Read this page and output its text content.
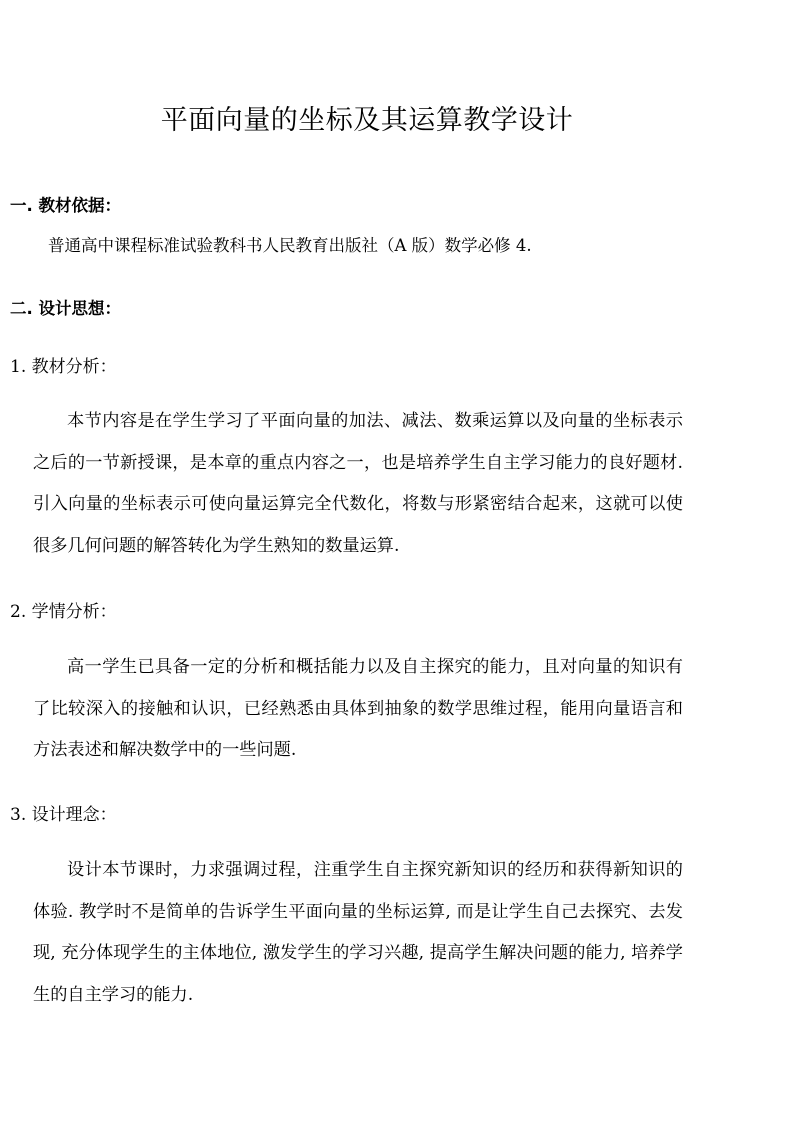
平面向量的坐标及其运算教学设计
一. 教材依据：
普通高中课程标准试验教科书人民教育出版社（A 版）数学必修 4.
二. 设计思想：
1. 教材分析：

本节内容是在学生学习了平面向量的加法、减法、数乘运算以及向量的坐标表示之后的一节新授课，是本章的重点内容之一，也是培养学生自主学习能力的良好题材. 引入向量的坐标表示可使向量运算完全代数化，将数与形紧密结合起来，这就可以使很多几何问题的解答转化为学生熟知的数量运算.

2. 学情分析：

高一学生已具备一定的分析和概括能力以及自主探究的能力，且对向量的知识有了比较深入的接触和认识，已经熟悉由具体到抽象的数学思维过程，能用向量语言和方法表述和解决数学中的一些问题.

3. 设计理念：

设计本节课时，力求强调过程，注重学生自主探究新知识的经历和获得新知识的体验. 教学时不是简单的告诉学生平面向量的坐标运算, 而是让学生自己去探究、去发现, 充分体现学生的主体地位, 激发学生的学习兴趣, 提高学生解决问题的能力, 培养学生的自主学习的能力.
